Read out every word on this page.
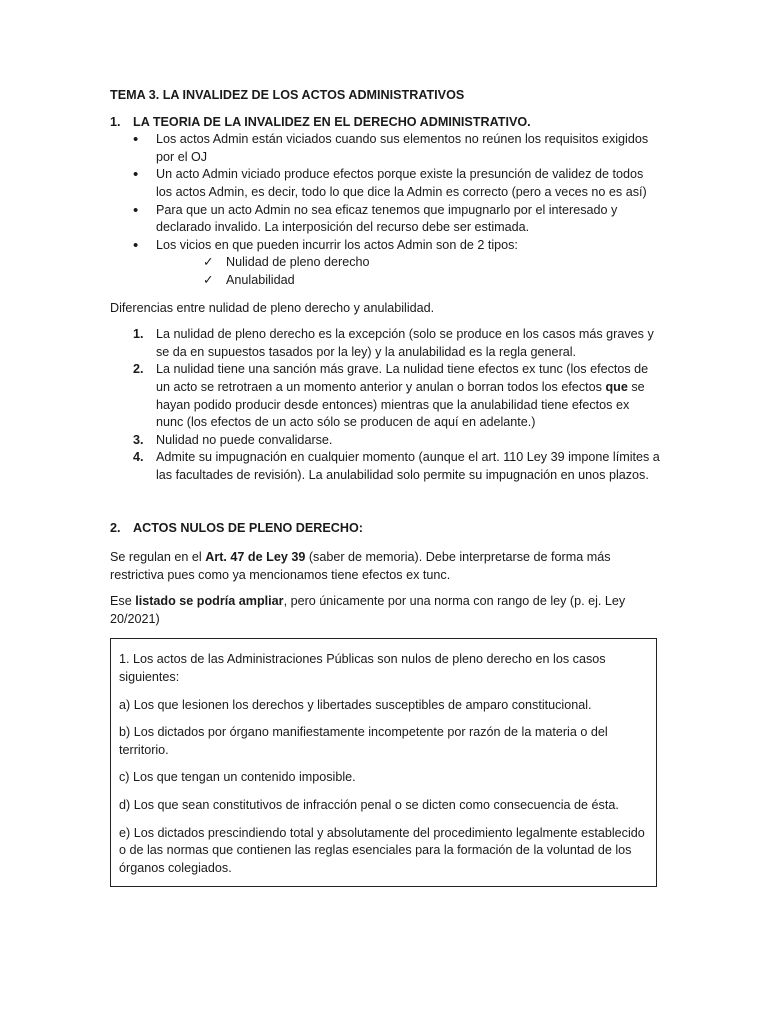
TEMA 3. LA INVALIDEZ DE LOS ACTOS ADMINISTRATIVOS

1. LA TEORIA DE LA INVALIDEZ EN EL DERECHO ADMINISTRATIVO.
• Los actos Admin están viciados cuando sus elementos no reúnen los requisitos exigidos por el OJ
• Un acto Admin viciado produce efectos porque existe la presunción de validez de todos los actos Admin, es decir, todo lo que dice la Admin es correcto (pero a veces no es así)
• Para que un acto Admin no sea eficaz tenemos que impugnarlo por el interesado y declarado invalido. La interposición del recurso debe ser estimada.
• Los vicios en que pueden incurrir los actos Admin son de 2 tipos:
✓ Nulidad de pleno derecho
✓ Anulabilidad

Diferencias entre nulidad de pleno derecho y anulabilidad.

1. La nulidad de pleno derecho es la excepción (solo se produce en los casos más graves y se da en supuestos tasados por la ley) y la anulabilidad es la regla general.
2. La nulidad tiene una sanción más grave. La nulidad tiene efectos ex tunc (los efectos de un acto se retrotraen a un momento anterior y anulan o borran todos los efectos que se hayan podido producir desde entonces) mientras que la anulabilidad tiene efectos ex nunc (los efectos de un acto sólo se producen de aquí en adelante.)
3. Nulidad no puede convalidarse.
4. Admite su impugnación en cualquier momento (aunque el art. 110 Ley 39 impone límites a las facultades de revisión). La anulabilidad solo permite su impugnación en unos plazos.
2. ACTOS NULOS DE PLENO DERECHO:

Se regulan en el Art. 47 de Ley 39 (saber de memoria). Debe interpretarse de forma más restrictiva pues como ya mencionamos tiene efectos ex tunc.

Ese listado se podría ampliar, pero únicamente por una norma con rango de ley (p. ej. Ley 20/2021)

1. Los actos de las Administraciones Públicas son nulos de pleno derecho en los casos siguientes:

a) Los que lesionen los derechos y libertades susceptibles de amparo constitucional.

b) Los dictados por órgano manifiestamente incompetente por razón de la materia o del territorio.

c) Los que tengan un contenido imposible.

d) Los que sean constitutivos de infracción penal o se dicten como consecuencia de ésta.

e) Los dictados prescindiendo total y absolutamente del procedimiento legalmente establecido o de las normas que contienen las reglas esenciales para la formación de la voluntad de los órganos colegiados.
